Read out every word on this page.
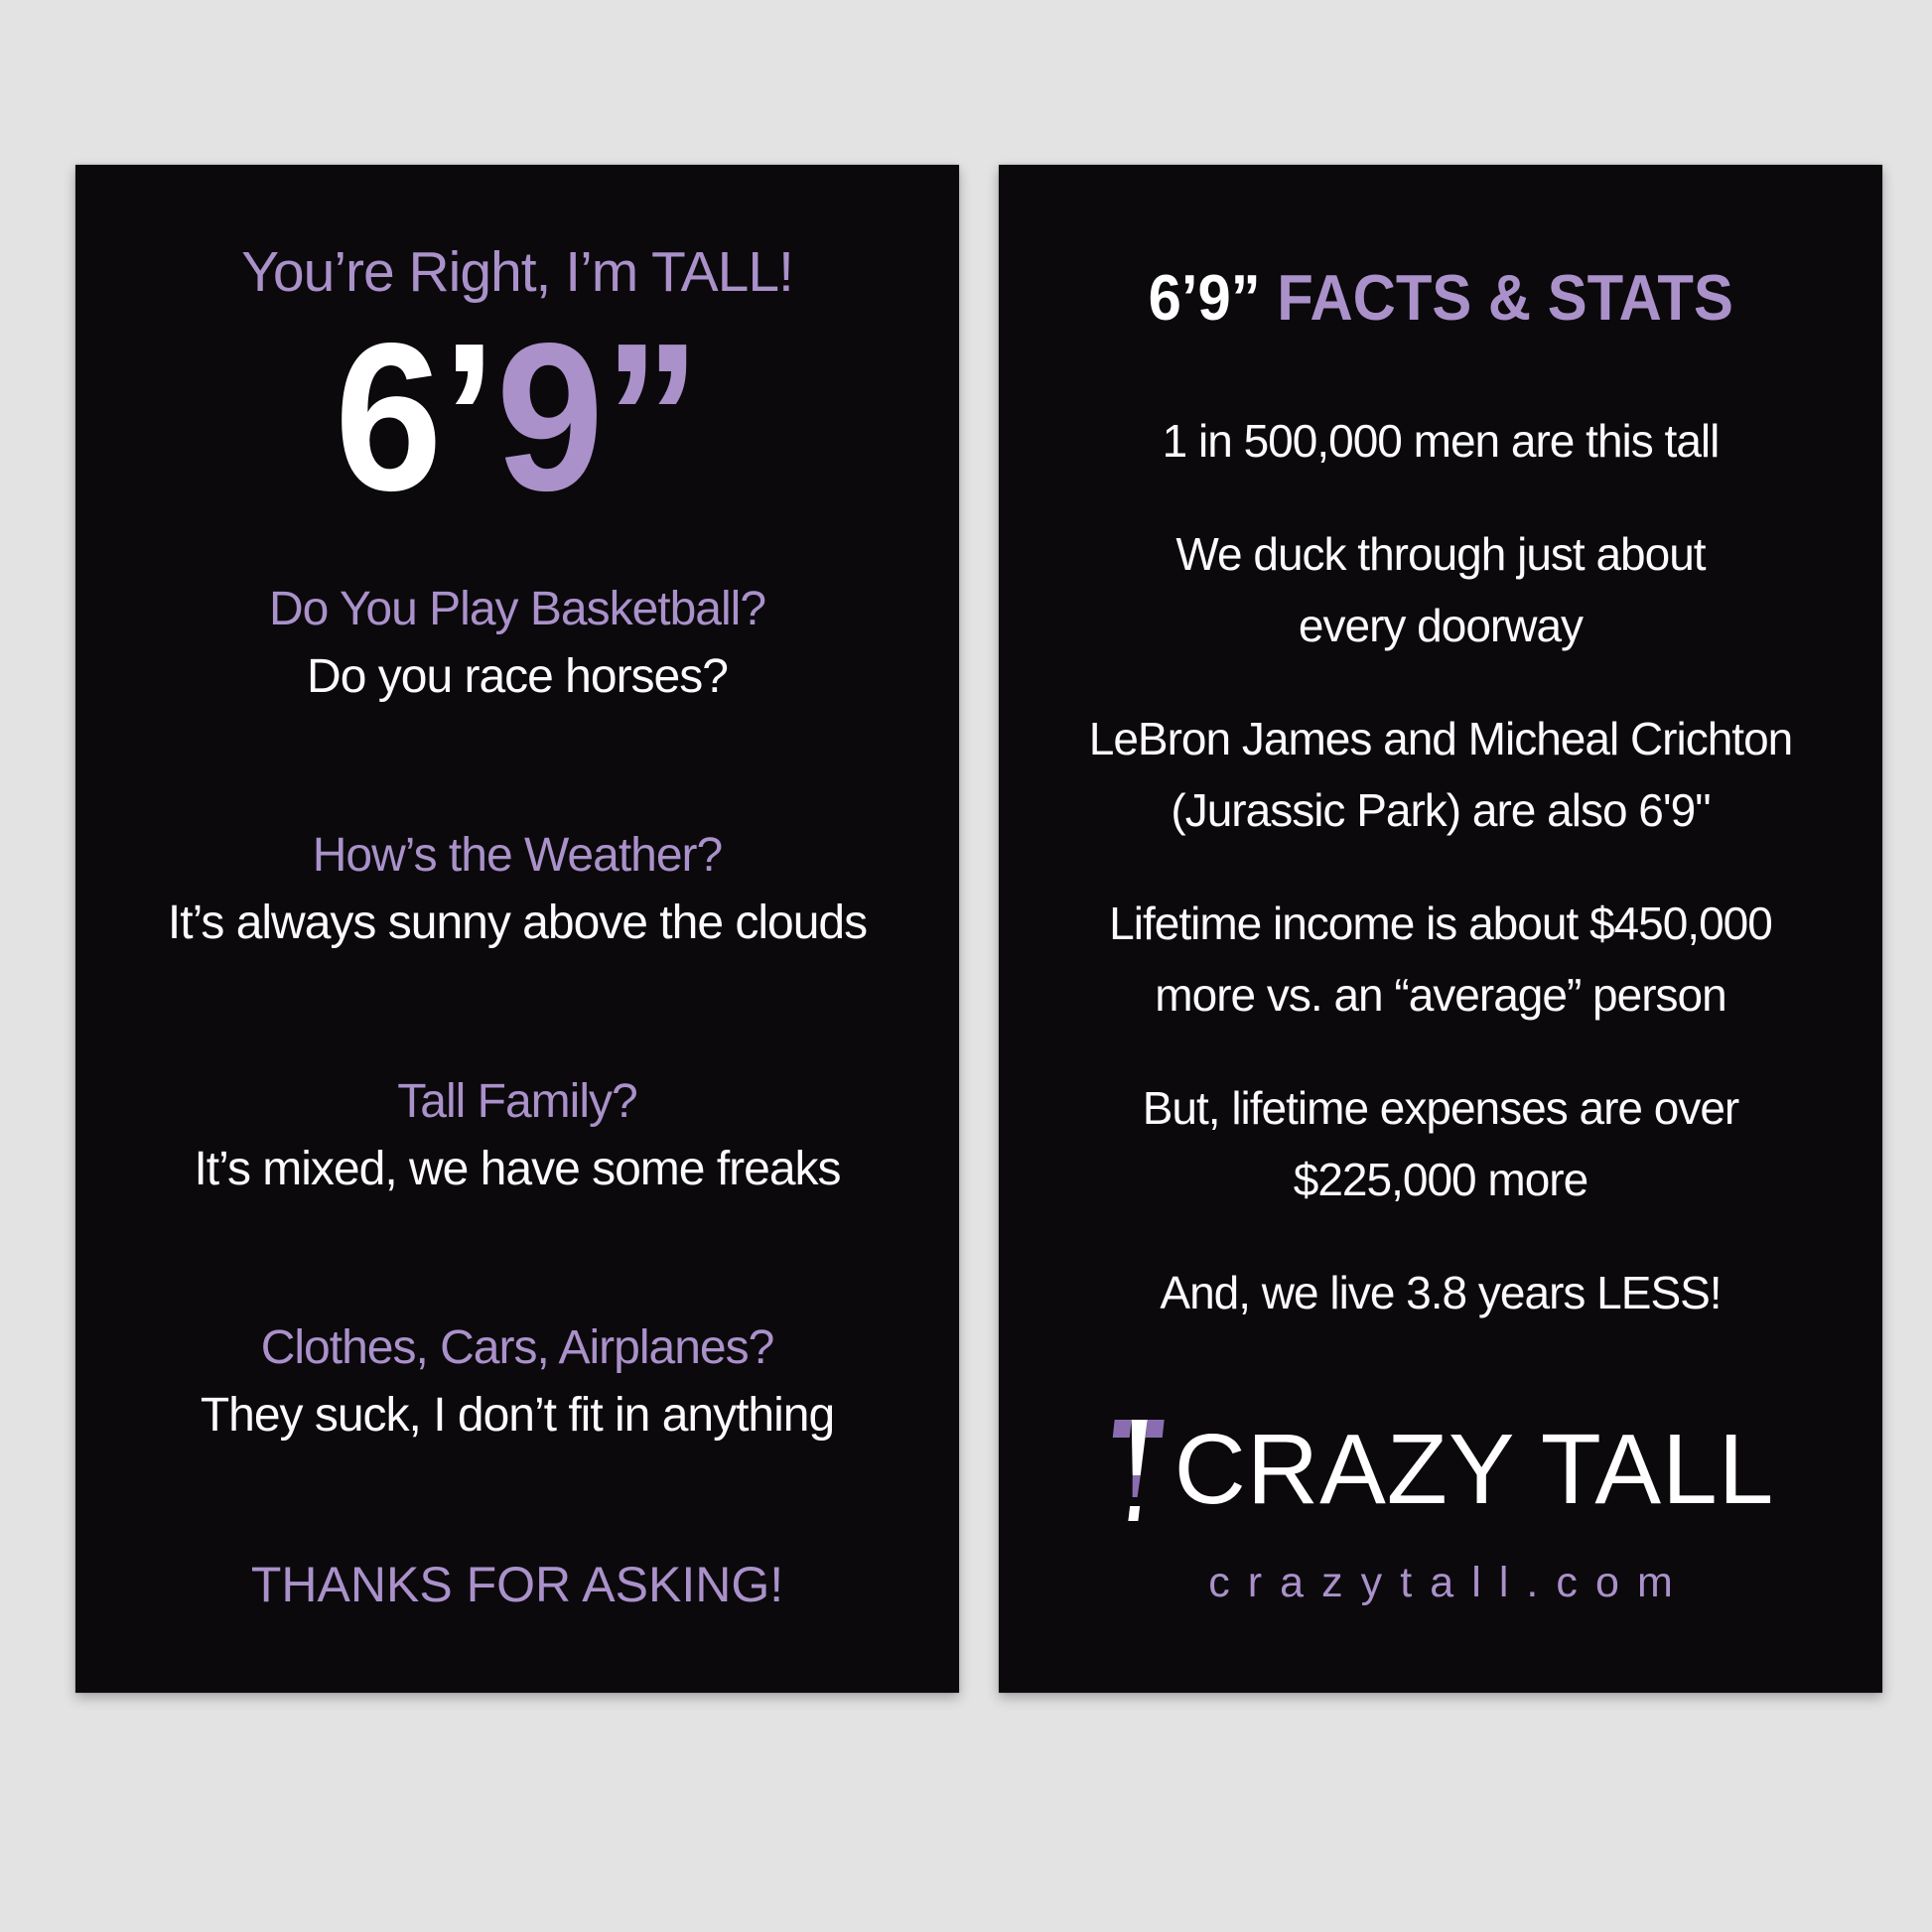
You’re Right, I’m TALL!
6’9”
Do You Play Basketball?
Do you race horses?
How’s the Weather?
It’s always sunny above the clouds
Tall Family?
It’s mixed, we have some freaks
Clothes, Cars, Airplanes?
They suck, I don’t fit in anything
THANKS FOR ASKING!
6’9” FACTS & STATS
1 in 500,000 men are this tall
We duck through just about
every doorway
LeBron James and Micheal Crichton
(Jurassic Park) are also 6'9"
Lifetime income is about $450,000
more vs. an “average” person
But, lifetime expenses are over
$225,000 more
And, we live 3.8 years LESS!
CRAZY TALL
crazytall.com
